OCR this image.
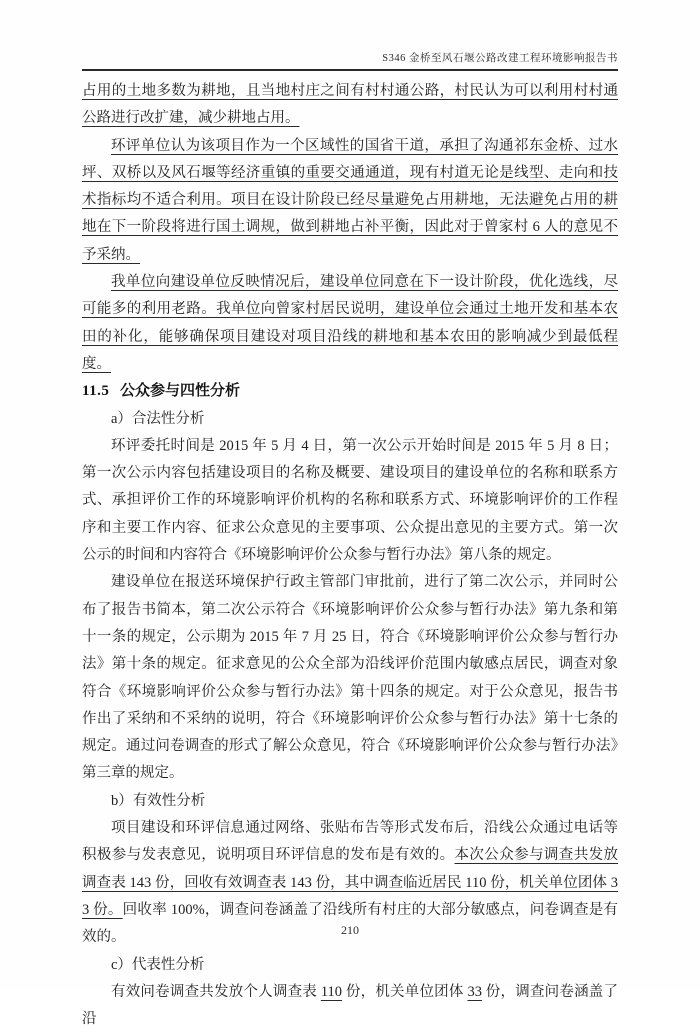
S346 金桥至风石堰公路改建工程环境影响报告书

占用的土地多数为耕地，且当地村庄之间有村村通公路，村民认为可以利用村村通公路进行改扩建，减少耕地占用。

环评单位认为该项目作为一个区域性的国省干道，承担了沟通祁东金桥、过水坪、双桥以及风石堰等经济重镇的重要交通通道，现有村道无论是线型、走向和技术指标均不适合利用。项目在设计阶段已经尽量避免占用耕地，无法避免占用的耕地在下一阶段将进行国土调规，做到耕地占补平衡，因此对于曾家村 6 人的意见不予采纳。

我单位向建设单位反映情况后，建设单位同意在下一设计阶段，优化选线，尽可能多的利用老路。我单位向曾家村居民说明，建设单位会通过土地开发和基本农田的补化，能够确保项目建设对项目沿线的耕地和基本农田的影响减少到最低程度。

11.5 公众参与四性分析

a）合法性分析

环评委托时间是 2015 年 5 月 4 日，第一次公示开始时间是 2015 年 5 月 8 日；第一次公示内容包括建设项目的名称及概要、建设项目的建设单位的名称和联系方式、承担评价工作的环境影响评价机构的名称和联系方式、环境影响评价的工作程序和主要工作内容、征求公众意见的主要事项、公众提出意见的主要方式。第一次公示的时间和内容符合《环境影响评价公众参与暂行办法》第八条的规定。

建设单位在报送环境保护行政主管部门审批前，进行了第二次公示，并同时公布了报告书简本，第二次公示符合《环境影响评价公众参与暂行办法》第九条和第十一条的规定，公示期为 2015 年 7 月 25 日，符合《环境影响评价公众参与暂行办法》第十条的规定。征求意见的公众全部为沿线评价范围内敏感点居民，调查对象符合《环境影响评价公众参与暂行办法》第十四条的规定。对于公众意见，报告书作出了采纳和不采纳的说明，符合《环境影响评价公众参与暂行办法》第十七条的规定。通过问卷调查的形式了解公众意见，符合《环境影响评价公众参与暂行办法》第三章的规定。

b）有效性分析

项目建设和环评信息通过网络、张贴布告等形式发布后，沿线公众通过电话等积极参与发表意见，说明项目环评信息的发布是有效的。本次公众参与调查共发放调查表 143 份，回收有效调查表 143 份，其中调查临近居民 110 份，机关单位团体 33 份。回收率 100%，调查问卷涵盖了沿线所有村庄的大部分敏感点，问卷调查是有效的。

c）代表性分析

有效问卷调查共发放个人调查表 110 份，机关单位团体 33 份，调查问卷涵盖了沿

210
